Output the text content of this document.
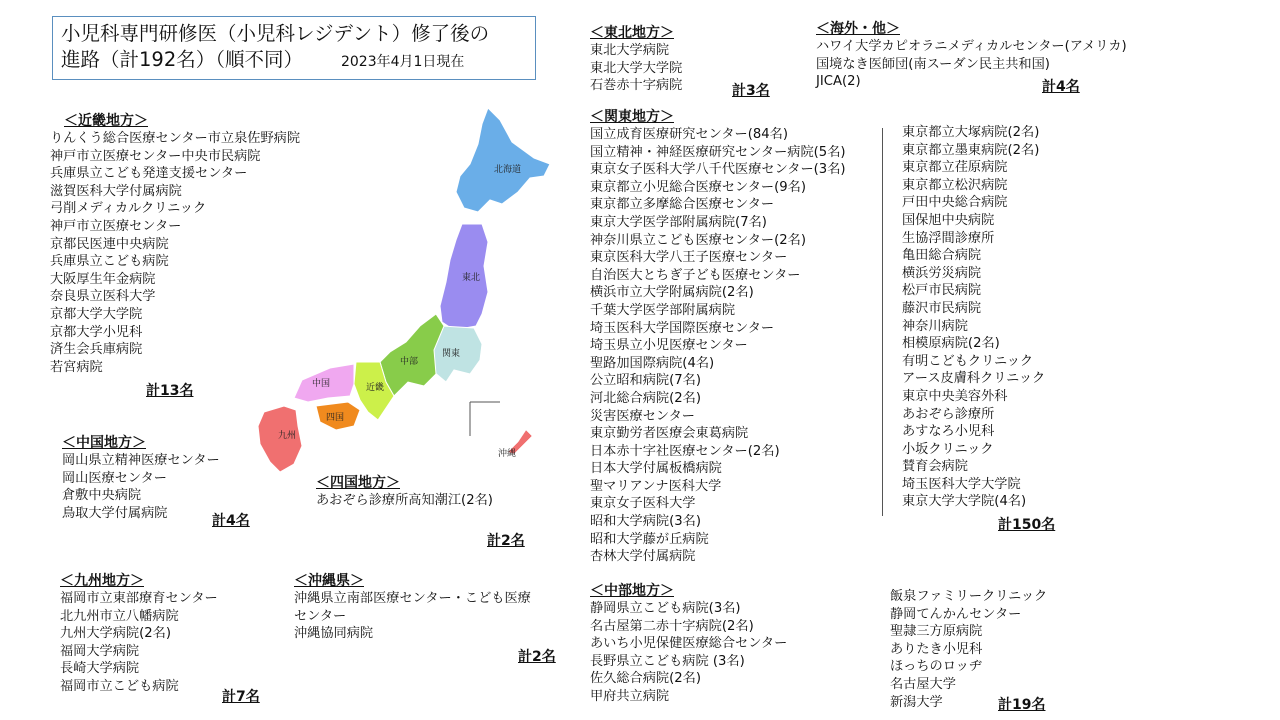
小児科専門研修医（小児科レジデント）修了後の
進路（計192名）（順不同）	2023年4月1日現在
北海道
東北
関東
中部
近畿
中国
四国
九州
沖縄
＜近畿地方＞
りんくう総合医療センター市立泉佐野病院
神戸市立医療センター中央市民病院
兵庫県立こども発達支援センター
滋賀医科大学付属病院
弓削メディカルクリニック
神戸市立医療センター
京都民医連中央病院
兵庫県立こども病院
大阪厚生年金病院
奈良県立医科大学
京都大学大学院
京都大学小児科
済生会兵庫病院
若宮病院
計13名
＜中国地方＞
岡山県立精神医療センター
岡山医療センター
倉敷中央病院
鳥取大学付属病院	計4名
＜四国地方＞
あおぞら診療所高知潮江(2名)
計2名
＜九州地方＞
福岡市立東部療育センター
北九州市立八幡病院
九州大学病院(2名)
福岡大学病院
長崎大学病院
福岡市立こども病院
計7名
＜沖縄県＞
沖縄県立南部医療センター・こども医療
センター
沖縄協同病院
計2名
＜東北地方＞
東北大学病院
東北大学大学院
石巻赤十字病院	計3名
＜海外・他＞
ハワイ大学カピオラニメディカルセンター(アメリカ)
国境なき医師団(南スーダン民主共和国)
JICA(2)	計4名
＜関東地方＞
国立成育医療研究センター(84名)
国立精神・神経医療研究センター病院(5名)
東京女子医科大学八千代医療センター(3名)
東京都立小児総合医療センター(9名)
東京都立多摩総合医療センター
東京大学医学部附属病院(7名)
神奈川県立こども医療センター(2名)
東京医科大学八王子医療センター
自治医大とちぎ子ども医療センター
横浜市立大学附属病院(2名)
千葉大学医学部附属病院
埼玉医科大学国際医療センター
埼玉県立小児医療センター
聖路加国際病院(4名)
公立昭和病院(7名)
河北総合病院(2名)
災害医療センター
東京勤労者医療会東葛病院
日本赤十字社医療センター(2名)
日本大学付属板橋病院
聖マリアンナ医科大学
東京女子医科大学
昭和大学病院(3名)
昭和大学藤が丘病院
杏林大学付属病院
東京都立大塚病院(2名)
東京都立墨東病院(2名)
東京都立荏原病院
東京都立松沢病院
戸田中央総合病院
国保旭中央病院
生協浮間診療所
亀田総合病院
横浜労災病院
松戸市民病院
藤沢市民病院
神奈川病院
相模原病院(2名)
有明こどもクリニック
アース皮膚科クリニック
東京中央美容外科
あおぞら診療所
あすなろ小児科
小坂クリニック
賛育会病院
埼玉医科大学大学院
東京大学大学院(4名)
計150名
＜中部地方＞
静岡県立こども病院(3名)
名古屋第二赤十字病院(2名)
あいち小児保健医療総合センター
長野県立こども病院 (3名)
佐久総合病院(2名)
甲府共立病院
飯泉ファミリークリニック
静岡てんかんセンター
聖隷三方原病院
ありたき小児科
ほっちのロッヂ
名古屋大学
新潟大学	計19名
